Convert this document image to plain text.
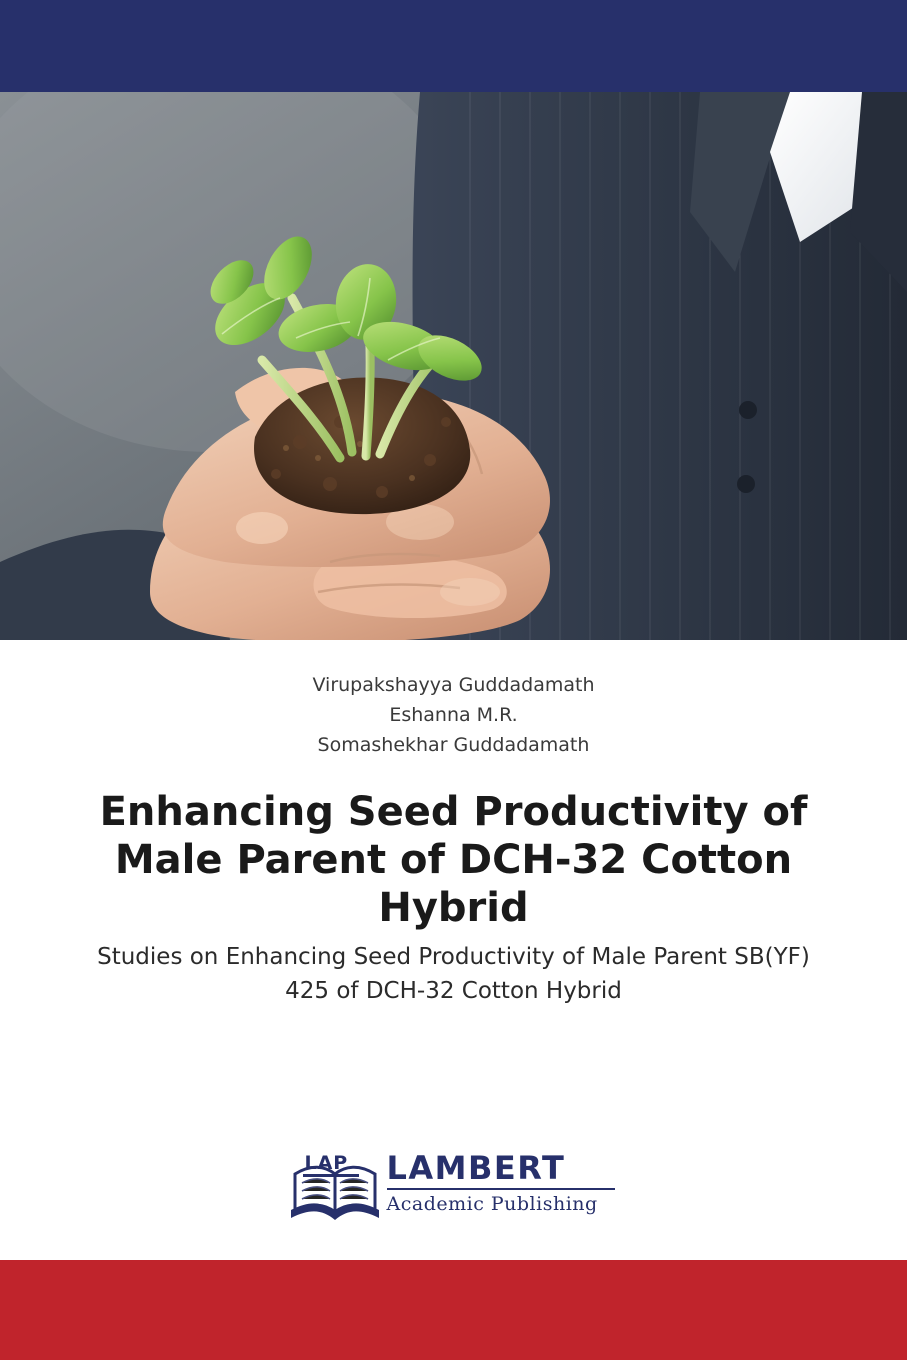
Virupakshayya Guddadamath
Eshanna M.R.
Somashekhar Guddadamath
Enhancing Seed Productivity of Male Parent of DCH-32 Cotton Hybrid
Studies on Enhancing Seed Productivity of Male Parent SB(YF) 425 of DCH-32 Cotton Hybrid
LAP LAMBERT
Academic Publishing
